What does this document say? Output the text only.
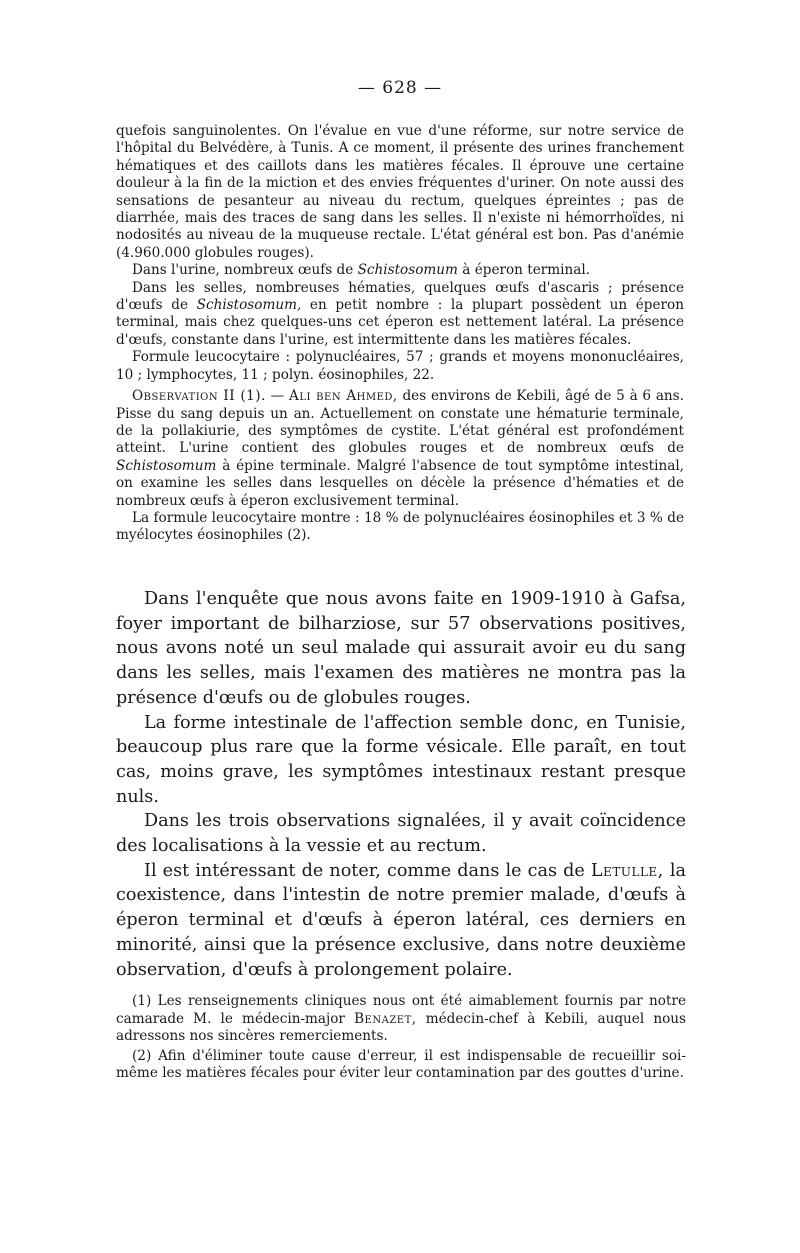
— 628 —

quefois sanguinolentes. On l'évalue en vue d'une réforme, sur notre service de l'hôpital du Belvédère, à Tunis. A ce moment, il présente des urines franchement hématiques et des caillots dans les matières fécales. Il éprouve une certaine douleur à la fin de la miction et des envies fréquentes d'uriner. On note aussi des sensations de pesanteur au niveau du rectum, quelques épreintes ; pas de diarrhée, mais des traces de sang dans les selles. Il n'existe ni hémorrhoïdes, ni nodosités au niveau de la muqueuse rectale. L'état général est bon. Pas d'anémie (4.960.000 globules rouges).

Dans l'urine, nombreux œufs de Schistosomum à éperon terminal.

Dans les selles, nombreuses hématies, quelques œufs d'ascaris ; présence d'œufs de Schistosomum, en petit nombre : la plupart possèdent un éperon terminal, mais chez quelques-uns cet éperon est nettement latéral. La présence d'œufs, constante dans l'urine, est intermittente dans les matières fécales.

Formule leucocytaire : polynucléaires, 57 ; grands et moyens mononucléaires, 10 ; lymphocytes, 11 ; polyn. éosinophiles, 22.

Observation II (1). — Ali ben Ahmed, des environs de Kebili, âgé de 5 à 6 ans. Pisse du sang depuis un an. Actuellement on constate une hématurie terminale, de la pollakiurie, des symptômes de cystite. L'état général est profondément atteint. L'urine contient des globules rouges et de nombreux œufs de Schistosomum à épine terminale. Malgré l'absence de tout symptôme intestinal, on examine les selles dans lesquelles on décèle la présence d'hématies et de nombreux œufs à éperon exclusivement terminal.

La formule leucocytaire montre : 18 % de polynucléaires éosinophiles et 3 % de myélocytes éosinophiles (2).

Dans l'enquête que nous avons faite en 1909-1910 à Gafsa, foyer important de bilharziose, sur 57 observations positives, nous avons noté un seul malade qui assurait avoir eu du sang dans les selles, mais l'examen des matières ne montra pas la présence d'œufs ou de globules rouges.

La forme intestinale de l'affection semble donc, en Tunisie, beaucoup plus rare que la forme vésicale. Elle paraît, en tout cas, moins grave, les symptômes intestinaux restant presque nuls.

Dans les trois observations signalées, il y avait coïncidence des localisations à la vessie et au rectum.

Il est intéressant de noter, comme dans le cas de Letulle, la coexistence, dans l'intestin de notre premier malade, d'œufs à éperon terminal et d'œufs à éperon latéral, ces derniers en minorité, ainsi que la présence exclusive, dans notre deuxième observation, d'œufs à prolongement polaire.

(1) Les renseignements cliniques nous ont été aimablement fournis par notre camarade M. le médecin-major Benazet, médecin-chef à Kebili, auquel nous adressons nos sincères remerciements.

(2) Afin d'éliminer toute cause d'erreur, il est indispensable de recueillir soi-même les matières fécales pour éviter leur contamination par des gouttes d'urine.
